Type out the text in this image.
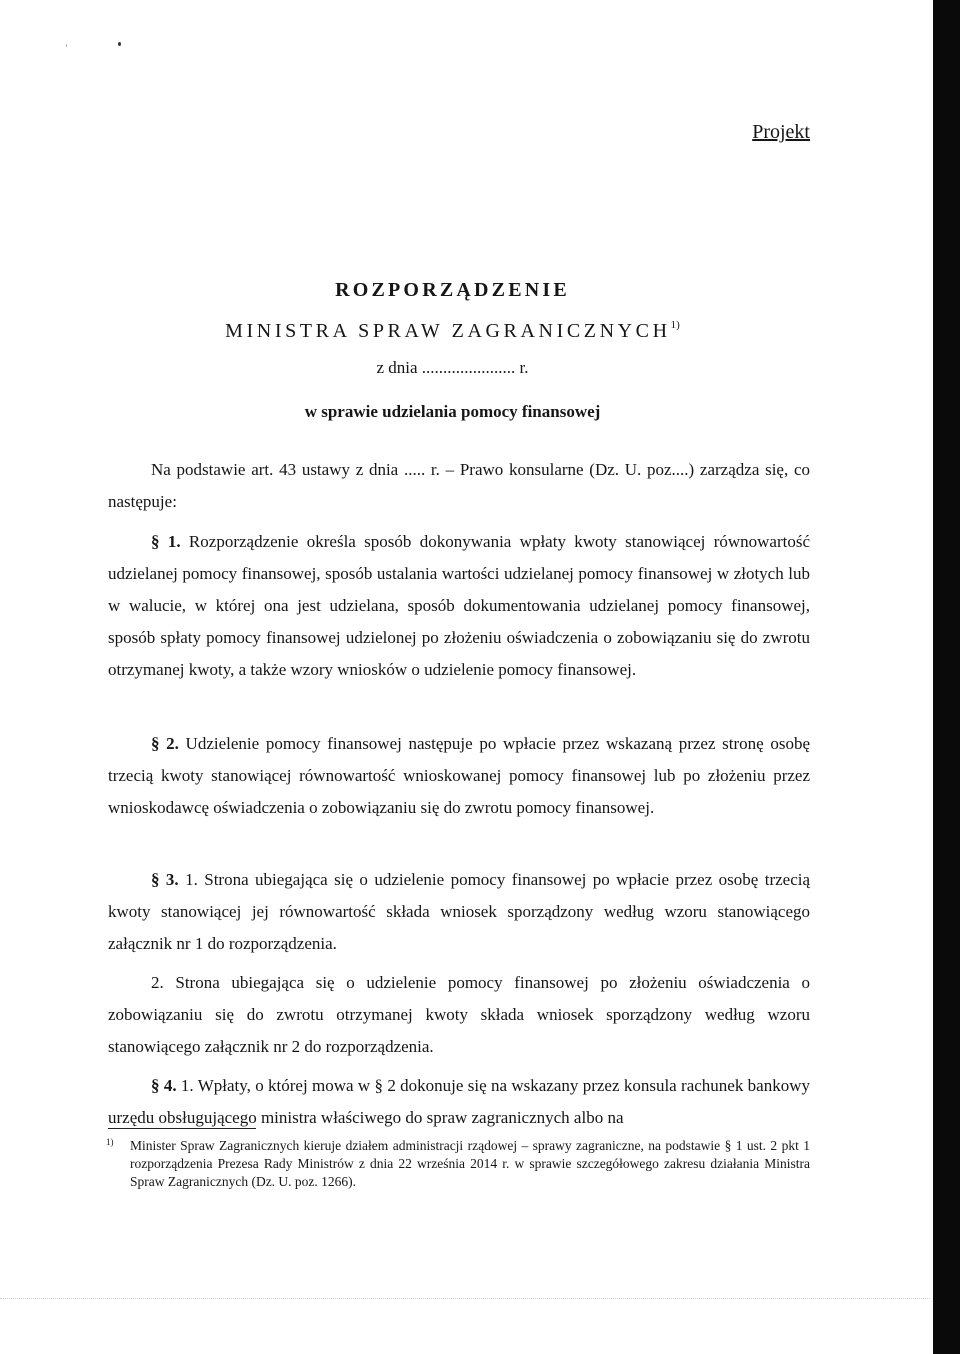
Projekt
ROZPORZĄDZENIE
MINISTRA SPRAW ZAGRANICZNYCH$^{1)}$
z dnia ...................... r.
w sprawie udzielania pomocy finansowej

Na podstawie art. 43 ustawy z dnia ..... r. – Prawo konsularne (Dz. U. poz....) zarządza się, co następuje:

§ 1. Rozporządzenie określa sposób dokonywania wpłaty kwoty stanowiącej równowartość udzielanej pomocy finansowej, sposób ustalania wartości udzielanej pomocy finansowej w złotych lub w walucie, w której ona jest udzielana, sposób dokumentowania udzielanej pomocy finansowej, sposób spłaty pomocy finansowej udzielonej po złożeniu oświadczenia o zobowiązaniu się do zwrotu otrzymanej kwoty, a także wzory wniosków o udzielenie pomocy finansowej.

§ 2. Udzielenie pomocy finansowej następuje po wpłacie przez wskazaną przez stronę osobę trzecią kwoty stanowiącej równowartość wnioskowanej pomocy finansowej lub po złożeniu przez wnioskodawcę oświadczenia o zobowiązaniu się do zwrotu pomocy finansowej.

§ 3. 1. Strona ubiegająca się o udzielenie pomocy finansowej po wpłacie przez osobę trzecią kwoty stanowiącej jej równowartość składa wniosek sporządzony według wzoru stanowiącego załącznik nr 1 do rozporządzenia.

2. Strona ubiegająca się o udzielenie pomocy finansowej po złożeniu oświadczenia o zobowiązaniu się do zwrotu otrzymanej kwoty składa wniosek sporządzony według wzoru stanowiącego załącznik nr 2 do rozporządzenia.

§ 4. 1. Wpłaty, o której mowa w § 2 dokonuje się na wskazany przez konsula rachunek bankowy urzędu obsługującego ministra właściwego do spraw zagranicznych albo na

1) Minister Spraw Zagranicznych kieruje działem administracji rządowej – sprawy zagraniczne, na podstawie § 1 ust. 2 pkt 1 rozporządzenia Prezesa Rady Ministrów z dnia 22 września 2014 r. w sprawie szczegółowego zakresu działania Ministra Spraw Zagranicznych (Dz. U. poz. 1266).
